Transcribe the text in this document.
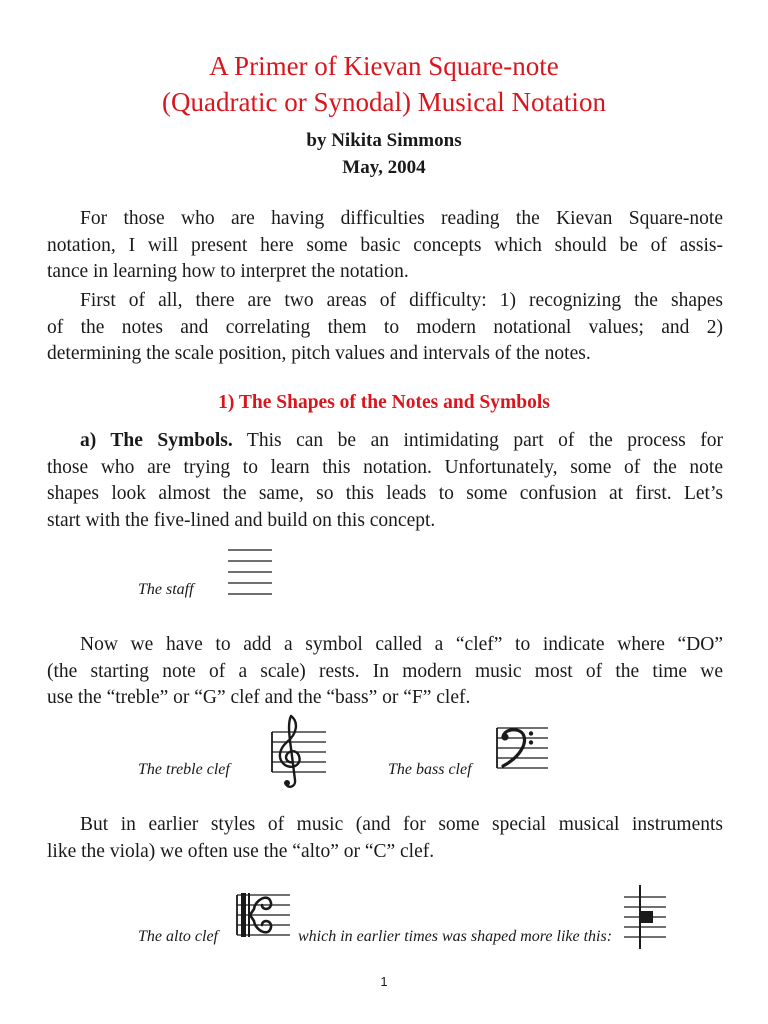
A Primer of Kievan Square-note
(Quadratic or Synodal) Musical Notation
by Nikita Simmons
May, 2004
For those who are having difficulties reading the Kievan Square-note
notation, I will present here some basic concepts which should be of assis-
tance in learning how to interpret the notation.
First of all, there are two areas of difficulty: 1) recognizing the shapes
of the notes and correlating them to modern notational values; and 2)
determining the scale position, pitch values and intervals of the notes.
1) The Shapes of the Notes and Symbols
a) The Symbols. This can be an intimidating part of the process for
those who are trying to learn this notation. Unfortunately, some of the note
shapes look almost the same, so this leads to some confusion at first. Let’s
start with the five-lined and build on this concept.
The staff
Now we have to add a symbol called a “clef” to indicate where “DO”
(the starting note of a scale) rests. In modern music most of the time we
use the “treble” or “G” clef and the “bass” or “F” clef.
The treble clef	The bass clef
But in earlier styles of music (and for some special musical instruments
like the viola) we often use the “alto” or “C” clef.
The alto clef	which in earlier times was shaped more like this:
1
